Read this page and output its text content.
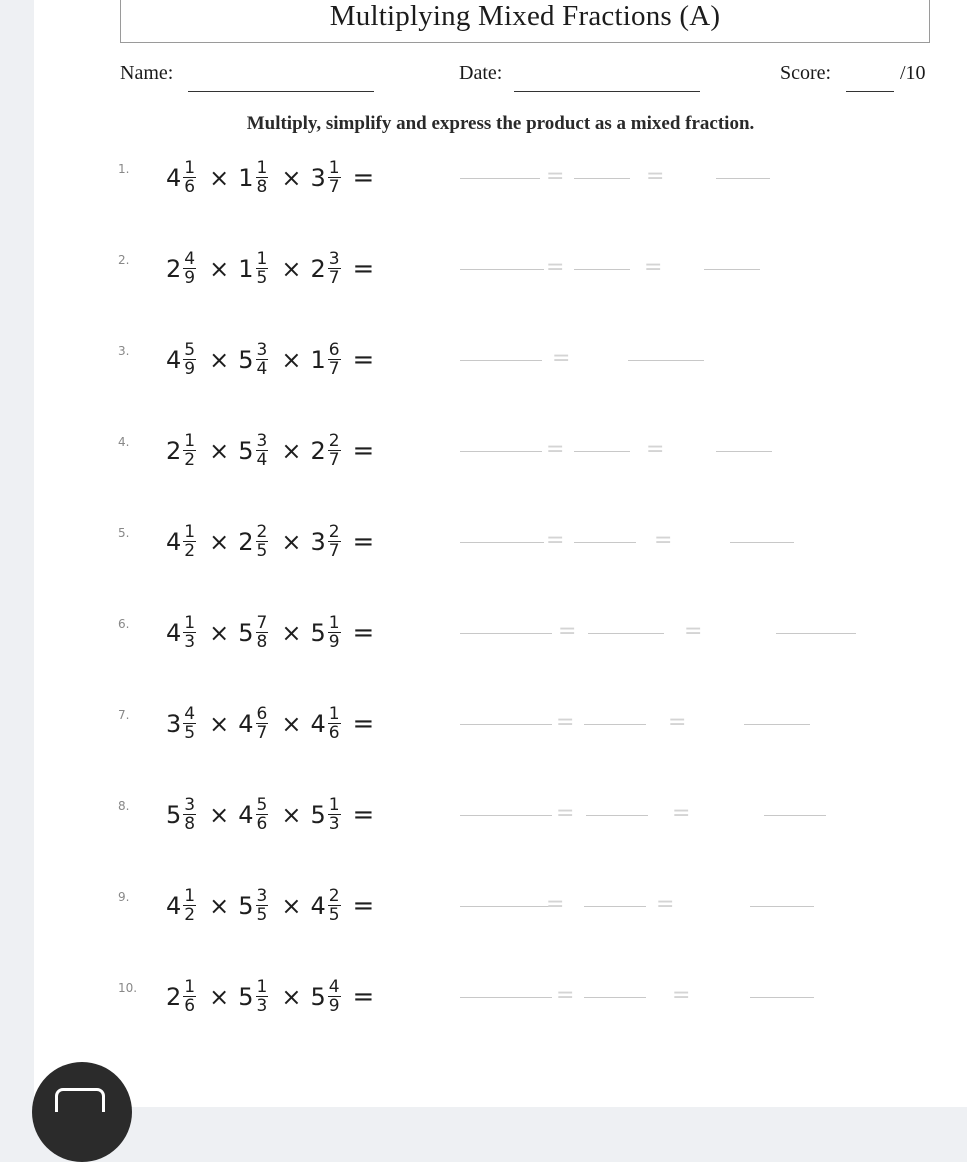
Multiplying Mixed Fractions (A)
Name:	Date:	Score:	/10
Multiply, simplify and express the product as a mixed fraction.
1. $4 \frac{1}{6} \times 1 \frac{1}{8} \times 3 \frac{1}{7}$ =	=	=
2. $2 \frac{4}{9} \times 1 \frac{1}{5} \times 2 \frac{3}{7}$ =	=	=
3. $4 \frac{5}{9} \times 5 \frac{3}{4} \times 1 \frac{6}{7}$ =	=
4. $2 \frac{1}{2} \times 5 \frac{3}{4} \times 2 \frac{2}{7}$ =	=	=
5. $4 \frac{1}{2} \times 2 \frac{2}{5} \times 3 \frac{2}{7}$ =	=	=
6. $4 \frac{1}{3} \times 5 \frac{7}{8} \times 5 \frac{1}{9}$ =	=	=
7. $3 \frac{4}{5} \times 4 \frac{6}{7} \times 4 \frac{1}{6}$ =	=	=
8. $5 \frac{3}{8} \times 4 \frac{5}{6} \times 5 \frac{1}{3}$ =	=	=
9. $4 \frac{1}{2} \times 5 \frac{3}{5} \times 4 \frac{2}{5}$ =	=	=
10. $2 \frac{1}{6} \times 5 \frac{1}{3} \times 5 \frac{4}{9}$ =	=	=
